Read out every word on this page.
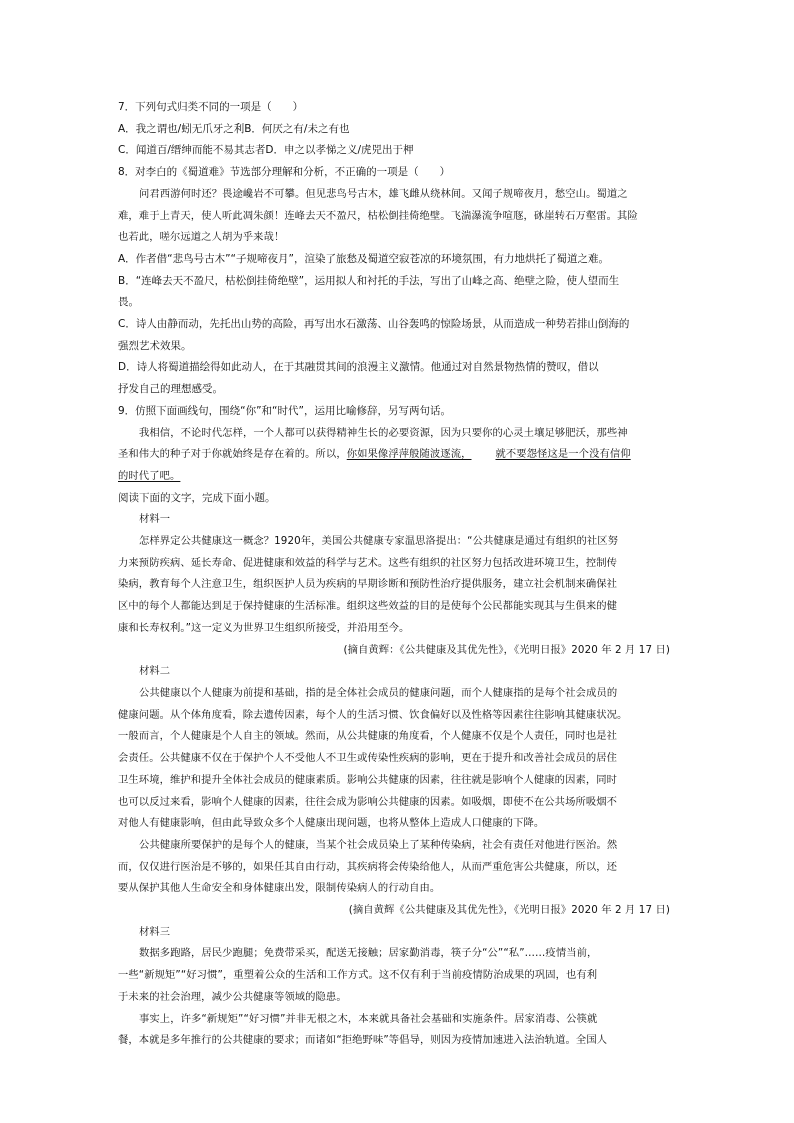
7．下列句式归类不同的一项是（　　）
A．我之谓也/蚓无爪牙之利B．何厌之有/未之有也
C．闻道百/缙绅而能不易其志者D．申之以孝悌之义/虎兕出于柙
8．对李白的《蜀道难》节选部分理解和分析，不正确的一项是（　　）
问君西游何时还？畏途巉岩不可攀。但见悲鸟号古木，雄飞雌从绕林间。又闻子规啼夜月，愁空山。蜀道之
难，难于上青天，使人听此凋朱颜！连峰去天不盈尺，枯松倒挂倚绝壁。飞湍瀑流争喧豗，砯崖转石万壑雷。其险
也若此，嗟尔远道之人胡为乎来哉！
A．作者借“悲鸟号古木”“子规啼夜月”，渲染了旅愁及蜀道空寂苍凉的环境氛围，有力地烘托了蜀道之难。
B．“连峰去天不盈尺，枯松倒挂倚绝壁”，运用拟人和衬托的手法，写出了山峰之高、绝壁之险，使人望而生
畏。
C．诗人由静而动，先托出山势的高险，再写出水石激荡、山谷轰鸣的惊险场景，从而造成一种势若排山倒海的
强烈艺术效果。
D．诗人将蜀道描绘得如此动人，在于其融贯其间的浪漫主义激情。他通过对自然景物热情的赞叹，借以
抒发自己的理想感受。
9．仿照下面画线句，围绕“你”和“时代”，运用比喻修辞，另写两句话。
我相信，不论时代怎样，一个人都可以获得精神生长的必要资源，因为只要你的心灵土壤足够肥沃，那些神
圣和伟大的种子对于你就始终是存在着的。所以，你如果像浮萍般随波逐流， 就不要怨怪这是一个没有信仰
的时代了吧。
阅读下面的文字，完成下面小题。
材料一
怎样界定公共健康这一概念？1920年，美国公共健康专家温思洛提出：“公共健康是通过有组织的社区努
力来预防疾病、延长寿命、促进健康和效益的科学与艺术。这些有组织的社区努力包括改进环境卫生，控制传
染病，教育每个人注意卫生，组织医护人员为疾病的早期诊断和预防性治疗提供服务，建立社会机制来确保社
区中的每个人都能达到足于保持健康的生活标准。组织这些效益的目的是使每个公民都能实现其与生俱来的健
康和长寿权利。”这一定义为世界卫生组织所接受，并沿用至今。
(摘自黄辉：《公共健康及其优先性》，《光明日报》2020 年 2 月 17 日)
材料二
公共健康以个人健康为前提和基础，指的是全体社会成员的健康问题，而个人健康指的是每个社会成员的
健康问题。从个体角度看，除去遗传因素，每个人的生活习惯、饮食偏好以及性格等因素往往影响其健康状况。
一般而言，个人健康是个人自主的领域。然而，从公共健康的角度看，个人健康不仅是个人责任，同时也是社
会责任。公共健康不仅在于保护个人不受他人不卫生或传染性疾病的影响，更在于提升和改善社会成员的居住
卫生环境，维护和提升全体社会成员的健康素质。影响公共健康的因素，往往就是影响个人健康的因素，同时
也可以反过来看，影响个人健康的因素，往往会成为影响公共健康的因素。如吸烟，即使不在公共场所吸烟不
对他人有健康影响，但由此导致众多个人健康出现问题，也将从整体上造成人口健康的下降。
公共健康所要保护的是每个人的健康，当某个社会成员染上了某种传染病，社会有责任对他进行医治。然
而，仅仅进行医治是不够的，如果任其自由行动，其疾病将会传染给他人，从而严重危害公共健康，所以，还
要从保护其他人生命安全和身体健康出发，限制传染病人的行动自由。
(摘自黄辉《公共健康及其优先性》，《光明日报》2020 年 2 月 17 日)
材料三
数据多跑路，居民少跑腿；免费带采买，配送无接触；居家勤消毒，筷子分“公”“私”……疫情当前，
一些“新规矩”“好习惯”，重塑着公众的生活和工作方式。这不仅有利于当前疫情防治成果的巩固，也有利
于未来的社会治理，减少公共健康等领域的隐患。
事实上，许多“新规矩”“好习惯”并非无根之木，本来就具备社会基础和实施条件。居家消毒、公筷就
餐，本就是多年推行的公共健康的要求；而诸如“拒绝野味”等倡导，则因为疫情加速进入法治轨道。全国人
